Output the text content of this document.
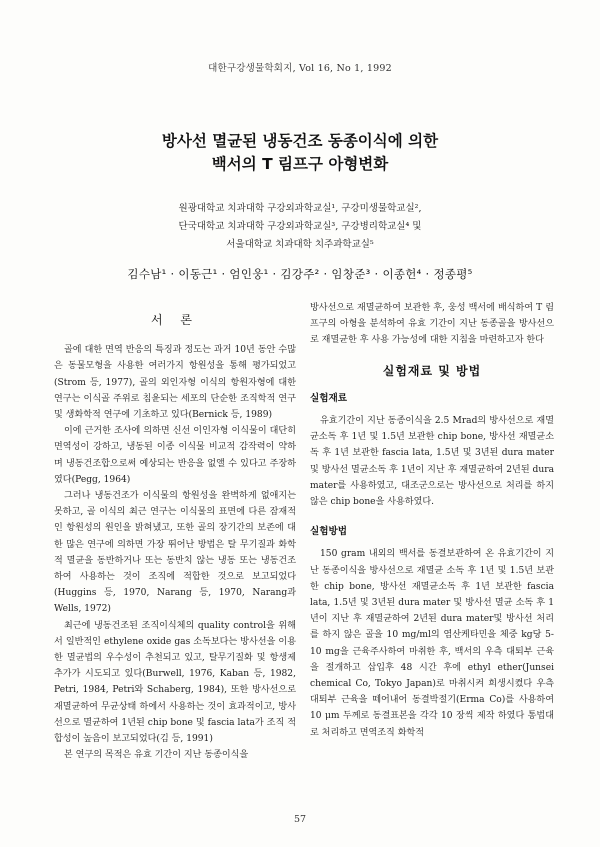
대한구강생물학회지, Vol 16, No 1, 1992
방사선 멸균된 냉동건조 동종이식에 의한
백서의 T 림프구 아형변화
원광대학교 치과대학 구강외과학교실¹, 구강미생물학교실²,
단국대학교 치과대학 구강외과학교실³, 구강병리학교실⁴ 및
서울대학교 치과대학 치주과학교실⁵
김수남¹ · 이동근¹ · 엄인웅¹ · 김강주² · 임창준³ · 이종헌⁴ · 정종평⁵
서 론

골에 대한 면역 반응의 특징과 정도는 과거 10년 동안 수많은 동물모형을 사용한 여러가지 항원성을 통해 평가되었고(Strom 등, 1977), 골의 외인자형 이식의 항원자형에 대한 연구는 이식골 주위로 침윤되는 세포의 단순한 조직학적 연구 및 생화학적 연구에 기초하고 있다(Bernick 등, 1989)

이에 근거한 조사에 의하면 신선 이인자형 이식물이 대단히 면역성이 강하고, 냉동된 이종 이식물 비교적 감작력이 약하며 냉동건조합으로써 예상되는 반응을 없앨 수 있다고 주장하였다(Pegg, 1964)

그러나 냉동건조가 이식물의 항원성을 완벽하게 없애지는 못하고, 골 이식의 최근 연구는 이식물의 표면에 다른 잠재적인 항원성의 원인을 밝혀냈고, 또한 골의 장기간의 보존에 대한 많은 연구에 의하면 가장 뛰어난 방법은 탈 무기질과 화학적 멸균을 동반하거나 또는 동반치 않는 냉동 또는 냉동건조하여 사용하는 것이 조직에 적합한 것으로 보고되었다(Huggins 등, 1970, Narang 등, 1970, Narang과 Wells, 1972)

최근에 냉동건조된 조직이식체의 quality control을 위해서 일반적인 ethylene oxide gas 소독보다는 방사선을 이용한 멸균법의 우수성이 추천되고 있고, 탈무기질화 및 항생제 추가가 시도되고 있다(Burwell, 1976, Kaban 등, 1982, Petri, 1984, Petri와 Schaberg, 1984), 또한 방사선으로 재멸균하여 무균상태 하에서 사용하는 것이 효과적이고, 방사선으로 멸균하여 1년된 chip bone 및 fascia lata가 조직 적합성이 높음이 보고되었다(김 등, 1991)

본 연구의 목적은 유효 기간이 지난 동종이식을

방사선으로 재멸균하여 보관한 후, 웅성 백서에 배식하여 T 림프구의 아형을 분석하여 유효 기간이 지난 동종골을 방사선으로 재멸균한 후 사용 가능성에 대한 지침을 마련하고자 한다

실험재료 및 방법
실험재료

유효기간이 지난 동종이식을 2.5 Mrad의 방사선으로 재멸균소독 후 1년 및 1.5년 보관한 chip bone, 방사선 재멸균소독 후 1년 보관한 fascia lata, 1.5년 및 3년된 dura mater 및 방사선 멸균소독 후 1년이 지난 후 재멸균하여 2년된 dura mater를 사용하였고, 대조군으로는 방사선으로 처리를 하지 않은 chip bone을 사용하였다.

실험방법

150 gram 내외의 백서를 동결보관하여 온 유효기간이 지난 동종이식을 방사선으로 재멸균 소독 후 1년 및 1.5년 보관한 chip bone, 방사선 재멸균소독 후 1년 보관한 fascia lata, 1.5년 및 3년된 dura mater 및 방사선 멸균 소독 후 1년이 지난 후 재멸균하여 2년된 dura mater및 방사선 처리를 하지 않은 골을 10 mg/ml의 염산케타민을 체중 kg당 5-10 mg을 근육주사하여 마취한 후, 백서의 우측 대퇴부 근육을 절개하고 삽입후 48 시간 후에 ethyl ether(Junsei chemical Co, Tokyo Japan)로 마취시켜 희생시켰다 우측 대퇴부 근육을 떼어내어 동결박절기(Erma Co)를 사용하여 10 μm 두께로 동결표본을 각각 10 장씩 제작 하였다 통법대로 처리하고 면역조직 화학적

57
